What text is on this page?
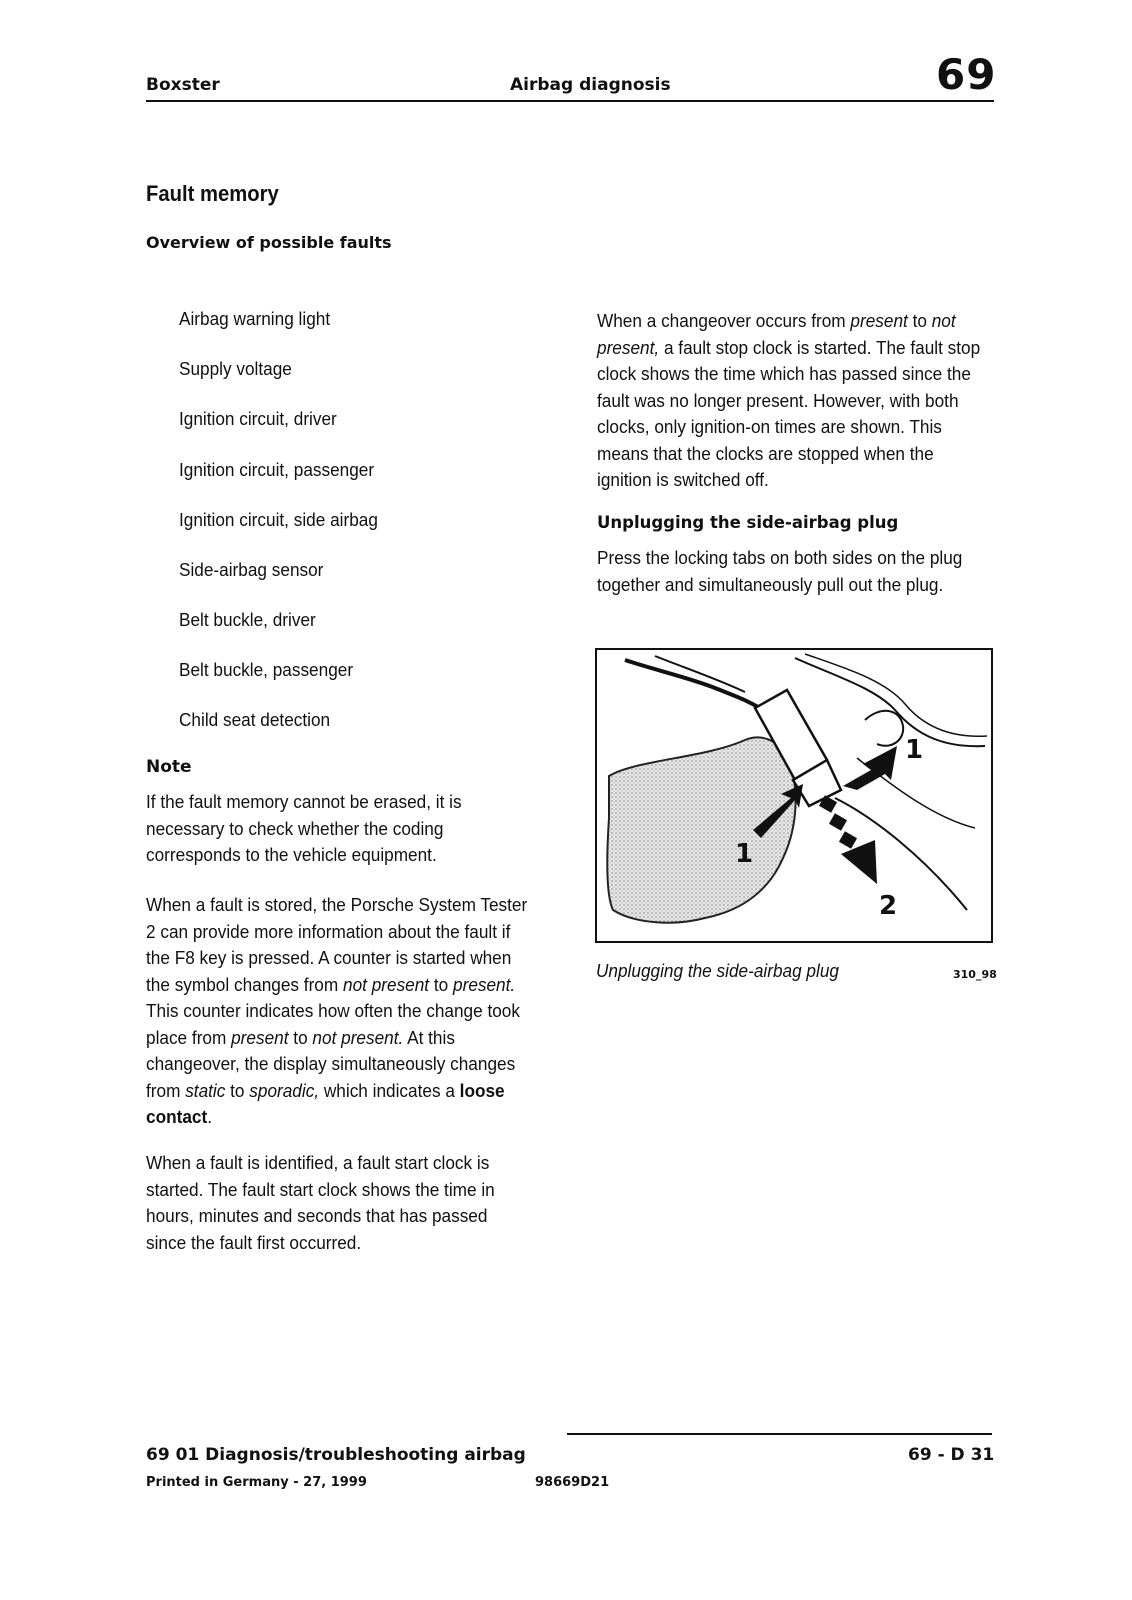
Boxster	Airbag diagnosis	69
Fault memory
Overview of possible faults
Airbag warning light
Supply voltage
Ignition circuit, driver
Ignition circuit, passenger
Ignition circuit, side airbag
Side-airbag sensor
Belt buckle, driver
Belt buckle, passenger
Child seat detection
Note
If the fault memory cannot be erased, it is necessary to check whether the coding corresponds to the vehicle equipment.
When a fault is stored, the Porsche System Tester 2 can provide more information about the fault if the F8 key is pressed. A counter is started when the symbol changes from not present to present. This counter indicates how often the change took place from present to not present. At this changeover, the display simultaneously changes from static to sporadic, which indicates a loose contact.
When a fault is identified, a fault start clock is started. The fault start clock shows the time in hours, minutes and seconds that has passed since the fault first occurred.
When a changeover occurs from present to not present, a fault stop clock is started. The fault stop clock shows the time which has passed since the fault was no longer present. However, with both clocks, only ignition-on times are shown. This means that the clocks are stopped when the ignition is switched off.
Unplugging the side-airbag plug
Press the locking tabs on both sides on the plug together and simultaneously pull out the plug.
1
1
2
Unplugging the side-airbag plug	310_98
69 01 Diagnosis/troubleshooting airbag	69 - D 31
Printed in Germany - 27, 1999	98669D21
